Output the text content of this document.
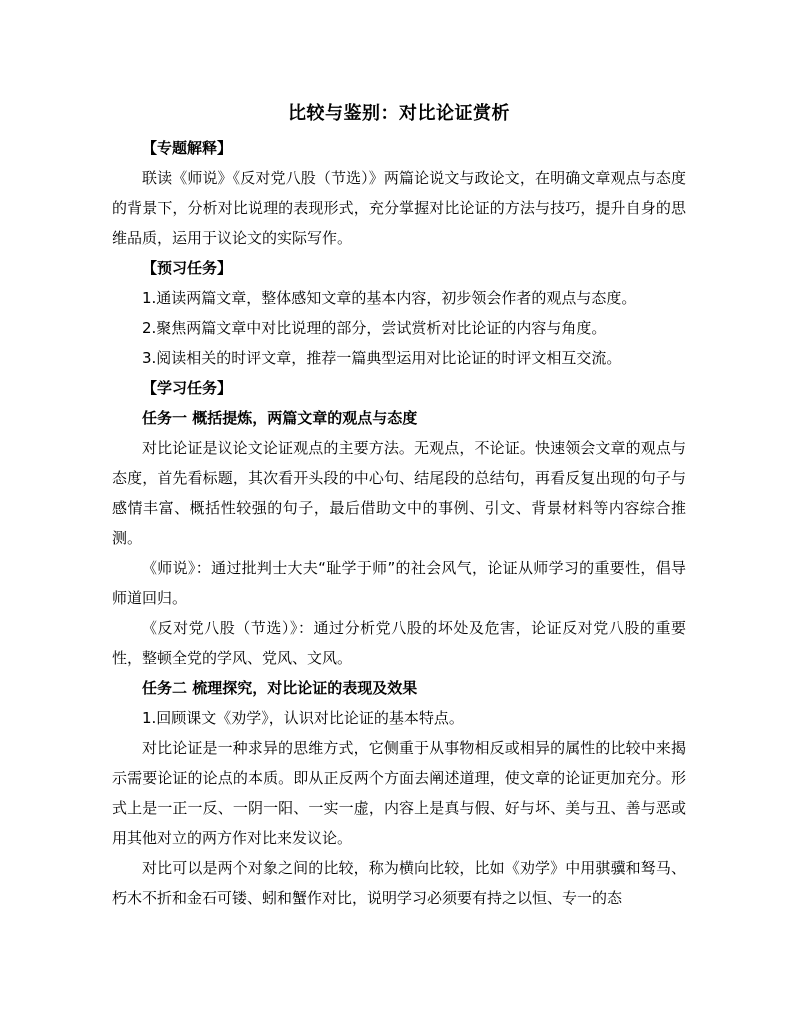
比较与鉴别：对比论证赏析
【专题解释】

联读《师说》《反对党八股（节选）》两篇论说文与政论文，在明确文章观点与态度的背景下，分析对比说理的表现形式，充分掌握对比论证的方法与技巧，提升自身的思维品质，运用于议论文的实际写作。

【预习任务】

1.通读两篇文章，整体感知文章的基本内容，初步领会作者的观点与态度。

2.聚焦两篇文章中对比说理的部分，尝试赏析对比论证的内容与角度。

3.阅读相关的时评文章，推荐一篇典型运用对比论证的时评文相互交流。

【学习任务】
任务一 概括提炼，两篇文章的观点与态度

对比论证是议论文论证观点的主要方法。无观点，不论证。快速领会文章的观点与态度，首先看标题，其次看开头段的中心句、结尾段的总结句，再看反复出现的句子与感情丰富、概括性较强的句子，最后借助文中的事例、引文、背景材料等内容综合推测。

《师说》：通过批判士大夫“耻学于师”的社会风气，论证从师学习的重要性，倡导师道回归。

《反对党八股（节选）》：通过分析党八股的坏处及危害，论证反对党八股的重要性，整顿全党的学风、党风、文风。

任务二 梳理探究，对比论证的表现及效果

1.回顾课文《劝学》，认识对比论证的基本特点。

对比论证是一种求异的思维方式，它侧重于从事物相反或相异的属性的比较中来揭示需要论证的论点的本质。即从正反两个方面去阐述道理，使文章的论证更加充分。形式上是一正一反、一阴一阳、一实一虚，内容上是真与假、好与坏、美与丑、善与恶或用其他对立的两方作对比来发议论。

对比可以是两个对象之间的比较，称为横向比较，比如《劝学》中用骐骥和驽马、朽木不折和金石可镂、蚓和蟹作对比，说明学习必须要有持之以恒、专一的态
